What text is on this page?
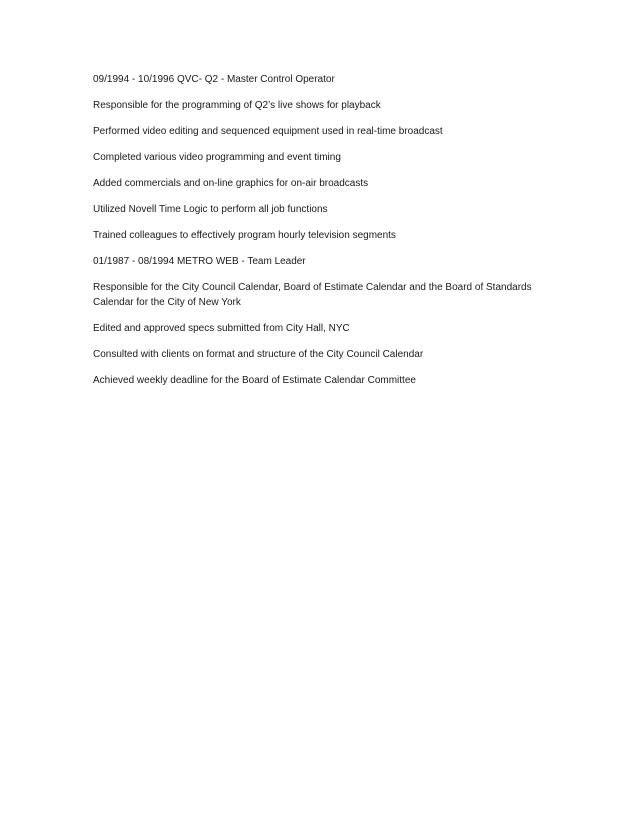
09/1994 - 10/1996 QVC- Q2 - Master Control Operator

Responsible for the programming of Q2’s live shows for playback

Performed video editing and sequenced equipment used in real-time broadcast

Completed various video programming and event timing

Added commercials and on-line graphics for on-air broadcasts

Utilized Novell Time Logic to perform all job functions

Trained colleagues to effectively program hourly television segments

01/1987 - 08/1994 METRO WEB - Team Leader

Responsible for the City Council Calendar, Board of Estimate Calendar and the Board of Standards Calendar for the City of New York

Edited and approved specs submitted from City Hall, NYC

Consulted with clients on format and structure of the City Council Calendar

Achieved weekly deadline for the Board of Estimate Calendar Committee
